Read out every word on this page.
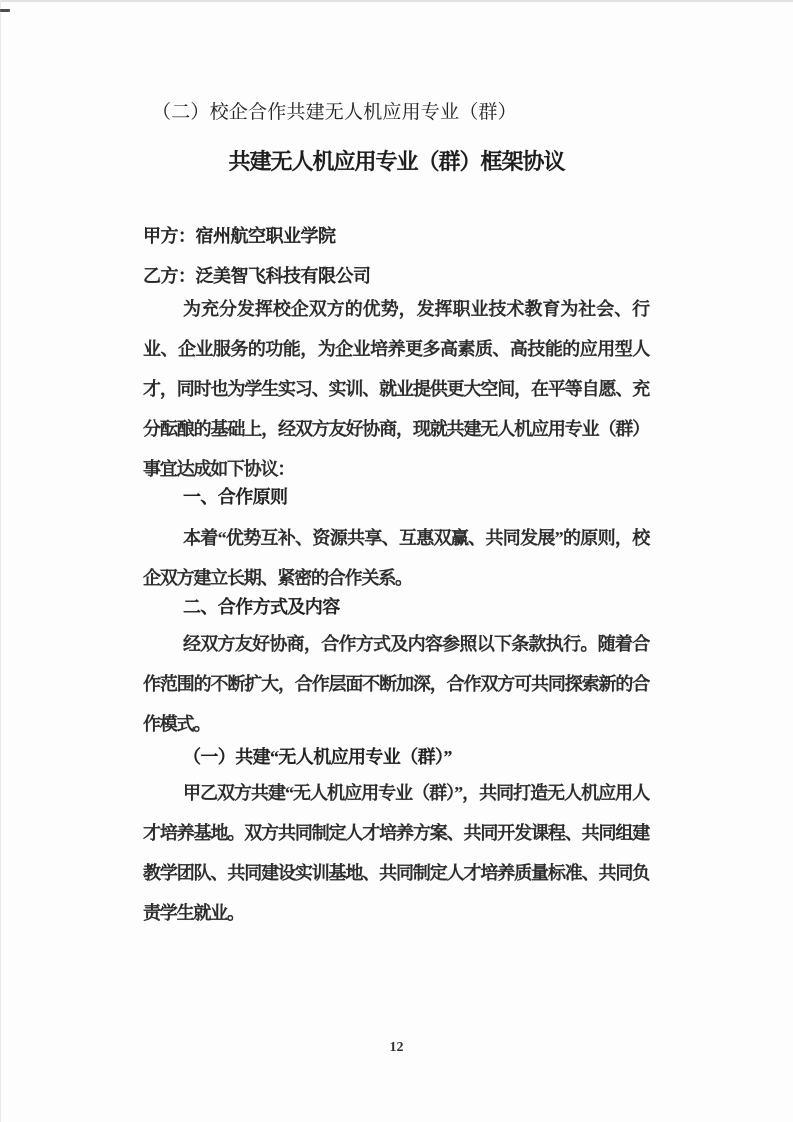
（二）校企合作共建无人机应用专业（群）
共建无人机应用专业（群）框架协议
甲方：宿州航空职业学院
乙方：泛美智飞科技有限公司
为充分发挥校企双方的优势，发挥职业技术教育为社会、行业、企业服务的功能，为企业培养更多高素质、高技能的应用型人才，同时也为学生实习、实训、就业提供更大空间，在平等自愿、充分酝酿的基础上，经双方友好协商，现就共建无人机应用专业（群）事宜达成如下协议：
一、合作原则
本着“优势互补、资源共享、互惠双赢、共同发展”的原则，校企双方建立长期、紧密的合作关系。
二、合作方式及内容
经双方友好协商，合作方式及内容参照以下条款执行。随着合作范围的不断扩大，合作层面不断加深，合作双方可共同探索新的合作模式。
（一）共建“无人机应用专业（群）”
甲乙双方共建“无人机应用专业（群）”，共同打造无人机应用人才培养基地。双方共同制定人才培养方案、共同开发课程、共同组建教学团队、共同建设实训基地、共同制定人才培养质量标准、共同负责学生就业。
12
